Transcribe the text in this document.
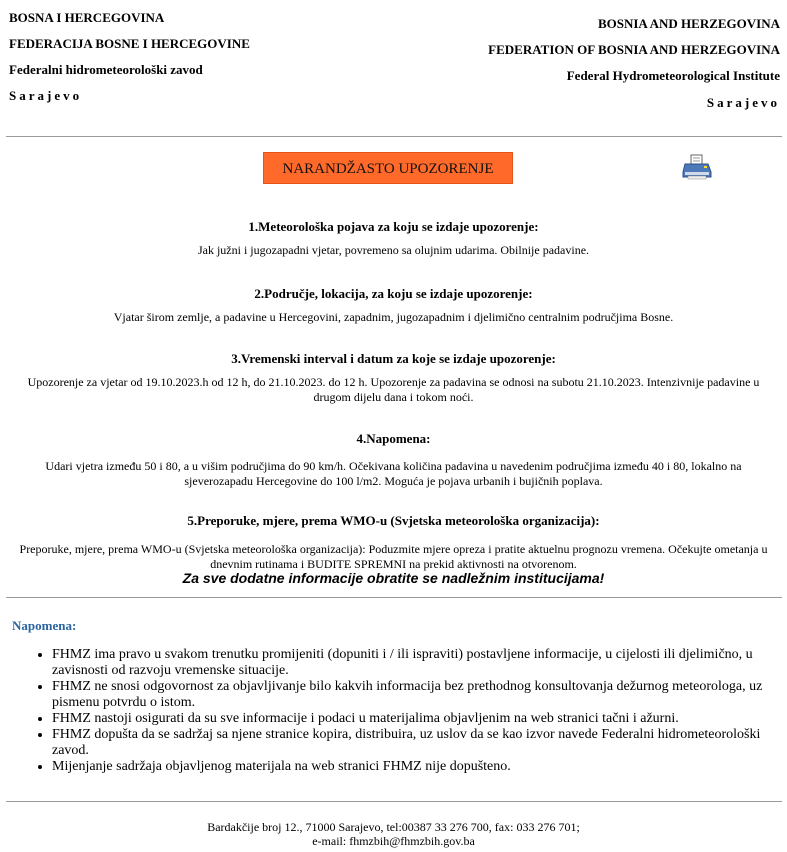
BOSNA I HERCEGOVINA
FEDERACIJA BOSNE I HERCEGOVINE
Federalni hidrometeorološki zavod
Sarajevo
BOSNIA AND HERZEGOVINA
FEDERATION OF BOSNIA AND HERZEGOVINA
Federal Hydrometeorological Institute
Sarajevo
NARANDŽASTO UPOZORENJE
1.Meteorološka pojava za koju se izdaje upozorenje:
Jak južni i jugozapadni vjetar, povremeno sa olujnim udarima. Obilnije padavine.
2.Područje, lokacija, za koju se izdaje upozorenje:
Vjatar širom zemlje, a padavine u Hercegovini, zapadnim, jugozapadnim i djelimično centralnim područjima Bosne.
3.Vremenski interval i datum za koje se izdaje upozorenje:
Upozorenje za vjetar od 19.10.2023.h od 12 h, do 21.10.2023. do 12 h. Upozorenje za padavina se odnosi na subotu 21.10.2023. Intenzivnije padavine u drugom dijelu dana i tokom noći.
4.Napomena:
Udari vjetra između 50 i 80, a u višim područjima do 90 km/h. Očekivana količina padavina u navedenim područjima između 40 i 80, lokalno na sjeverozapadu Hercegovine do 100 l/m2. Moguća je pojava urbanih i bujičnih poplava.
5.Preporuke, mjere, prema WMO-u (Svjetska meteorološka organizacija):
Preporuke, mjere, prema WMO-u (Svjetska meteorološka organizacija): Poduzmite mjere opreza i pratite aktuelnu prognozu vremena. Očekujte ometanja u dnevnim rutinama i BUDITE SPREMNI na prekid aktivnosti na otvorenom.
Za sve dodatne informacije obratite se nadležnim institucijama!
Napomena:
• FHMZ ima pravo u svakom trenutku promijeniti (dopuniti i / ili ispraviti) postavljene informacije, u cijelosti ili djelimično, u zavisnosti od razvoju vremenske situacije.
• FHMZ ne snosi odgovornost za objavljivanje bilo kakvih informacija bez prethodnog konsultovanja dežurnog meteorologa, uz pismenu potvrdu o istom.
• FHMZ nastoji osigurati da su sve informacije i podaci u materijalima objavljenim na web stranici tačni i ažurni.
• FHMZ dopušta da se sadržaj sa njene stranice kopira, distribuira, uz uslov da se kao izvor navede Federalni hidrometeorološki zavod.
• Mijenjanje sadržaja objavljenog materijala na web stranici FHMZ nije dopušteno.
Bardakčije broj 12., 71000 Sarajevo, tel:00387 33 276 700, fax: 033 276 701;
e-mail: fhmzbih@fhmzbih.gov.ba
